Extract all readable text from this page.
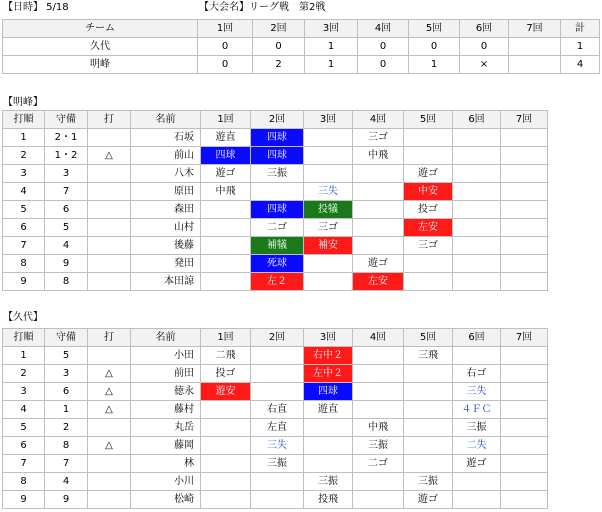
【日時】 5/18	【大会名】リーグ戦　第2戦
チーム	1回	2回	3回	4回	5回	6回	7回	計
久代	0	0	1	0	0	0		1
明峰	0	2	1	0	1	×		4
【明峰】
打順	守備	打	名前	1回	2回	3回	4回	5回	6回	7回
1	2・1		石坂	遊直	四球		三ゴ			
2	1・2	△	前山	四球	四球		中飛			
3	3		八木	遊ゴ	三振			遊ゴ		
4	7		原田	中飛		三失		中安		
5	6		森田		四球	投犠		投ゴ		
6	5		山村		二ゴ	三ゴ		左安		
7	4		後藤		補犠	補安		三ゴ		
8	9		発田		死球		遊ゴ			
9	8		本田諒		左２		左安			
【久代】
打順	守備	打	名前	1回	2回	3回	4回	5回	6回	7回
1	5		小田	二飛		右中２		三飛		
2	3	△	前田	投ゴ		左中２			右ゴ	
3	6	△	徳永	遊安		四球			三失	
4	1	△	藤村		右直	遊直			４ＦＣ	
5	2		丸岳		左直		中飛		三振	
6	8	△	藤岡		三失		三振		二失	
7	7		林		三振		二ゴ		遊ゴ	
8	4		小川			三振		三振		
9	9		松崎			投飛		遊ゴ		
